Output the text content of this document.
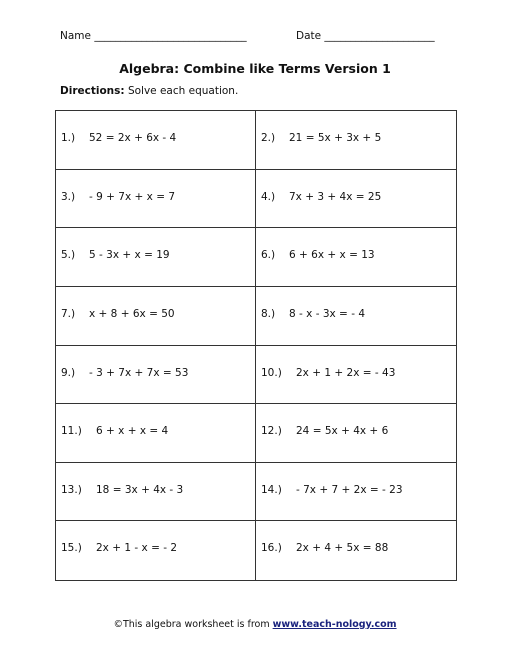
Name _____________________________	Date _____________________
Algebra: Combine like Terms Version 1
Directions: Solve each equation.
1.) 52 = 2x + 6x - 4	2.) 21 = 5x + 3x + 5
3.) - 9 + 7x + x = 7	4.) 7x + 3 + 4x = 25
5.) 5 - 3x + x = 19	6.) 6 + 6x + x = 13
7.) x + 8 + 6x = 50	8.) 8 - x - 3x = - 4
9.) - 3 + 7x + 7x = 53	10.) 2x + 1 + 2x = - 43
11.) 6 + x + x = 4	12.) 24 = 5x + 4x + 6
13.) 18 = 3x + 4x - 3	14.) - 7x + 7 + 2x = - 23
15.) 2x + 1 - x = - 2	16.) 2x + 4 + 5x = 88
©This algebra worksheet is from www.teach-nology.com
